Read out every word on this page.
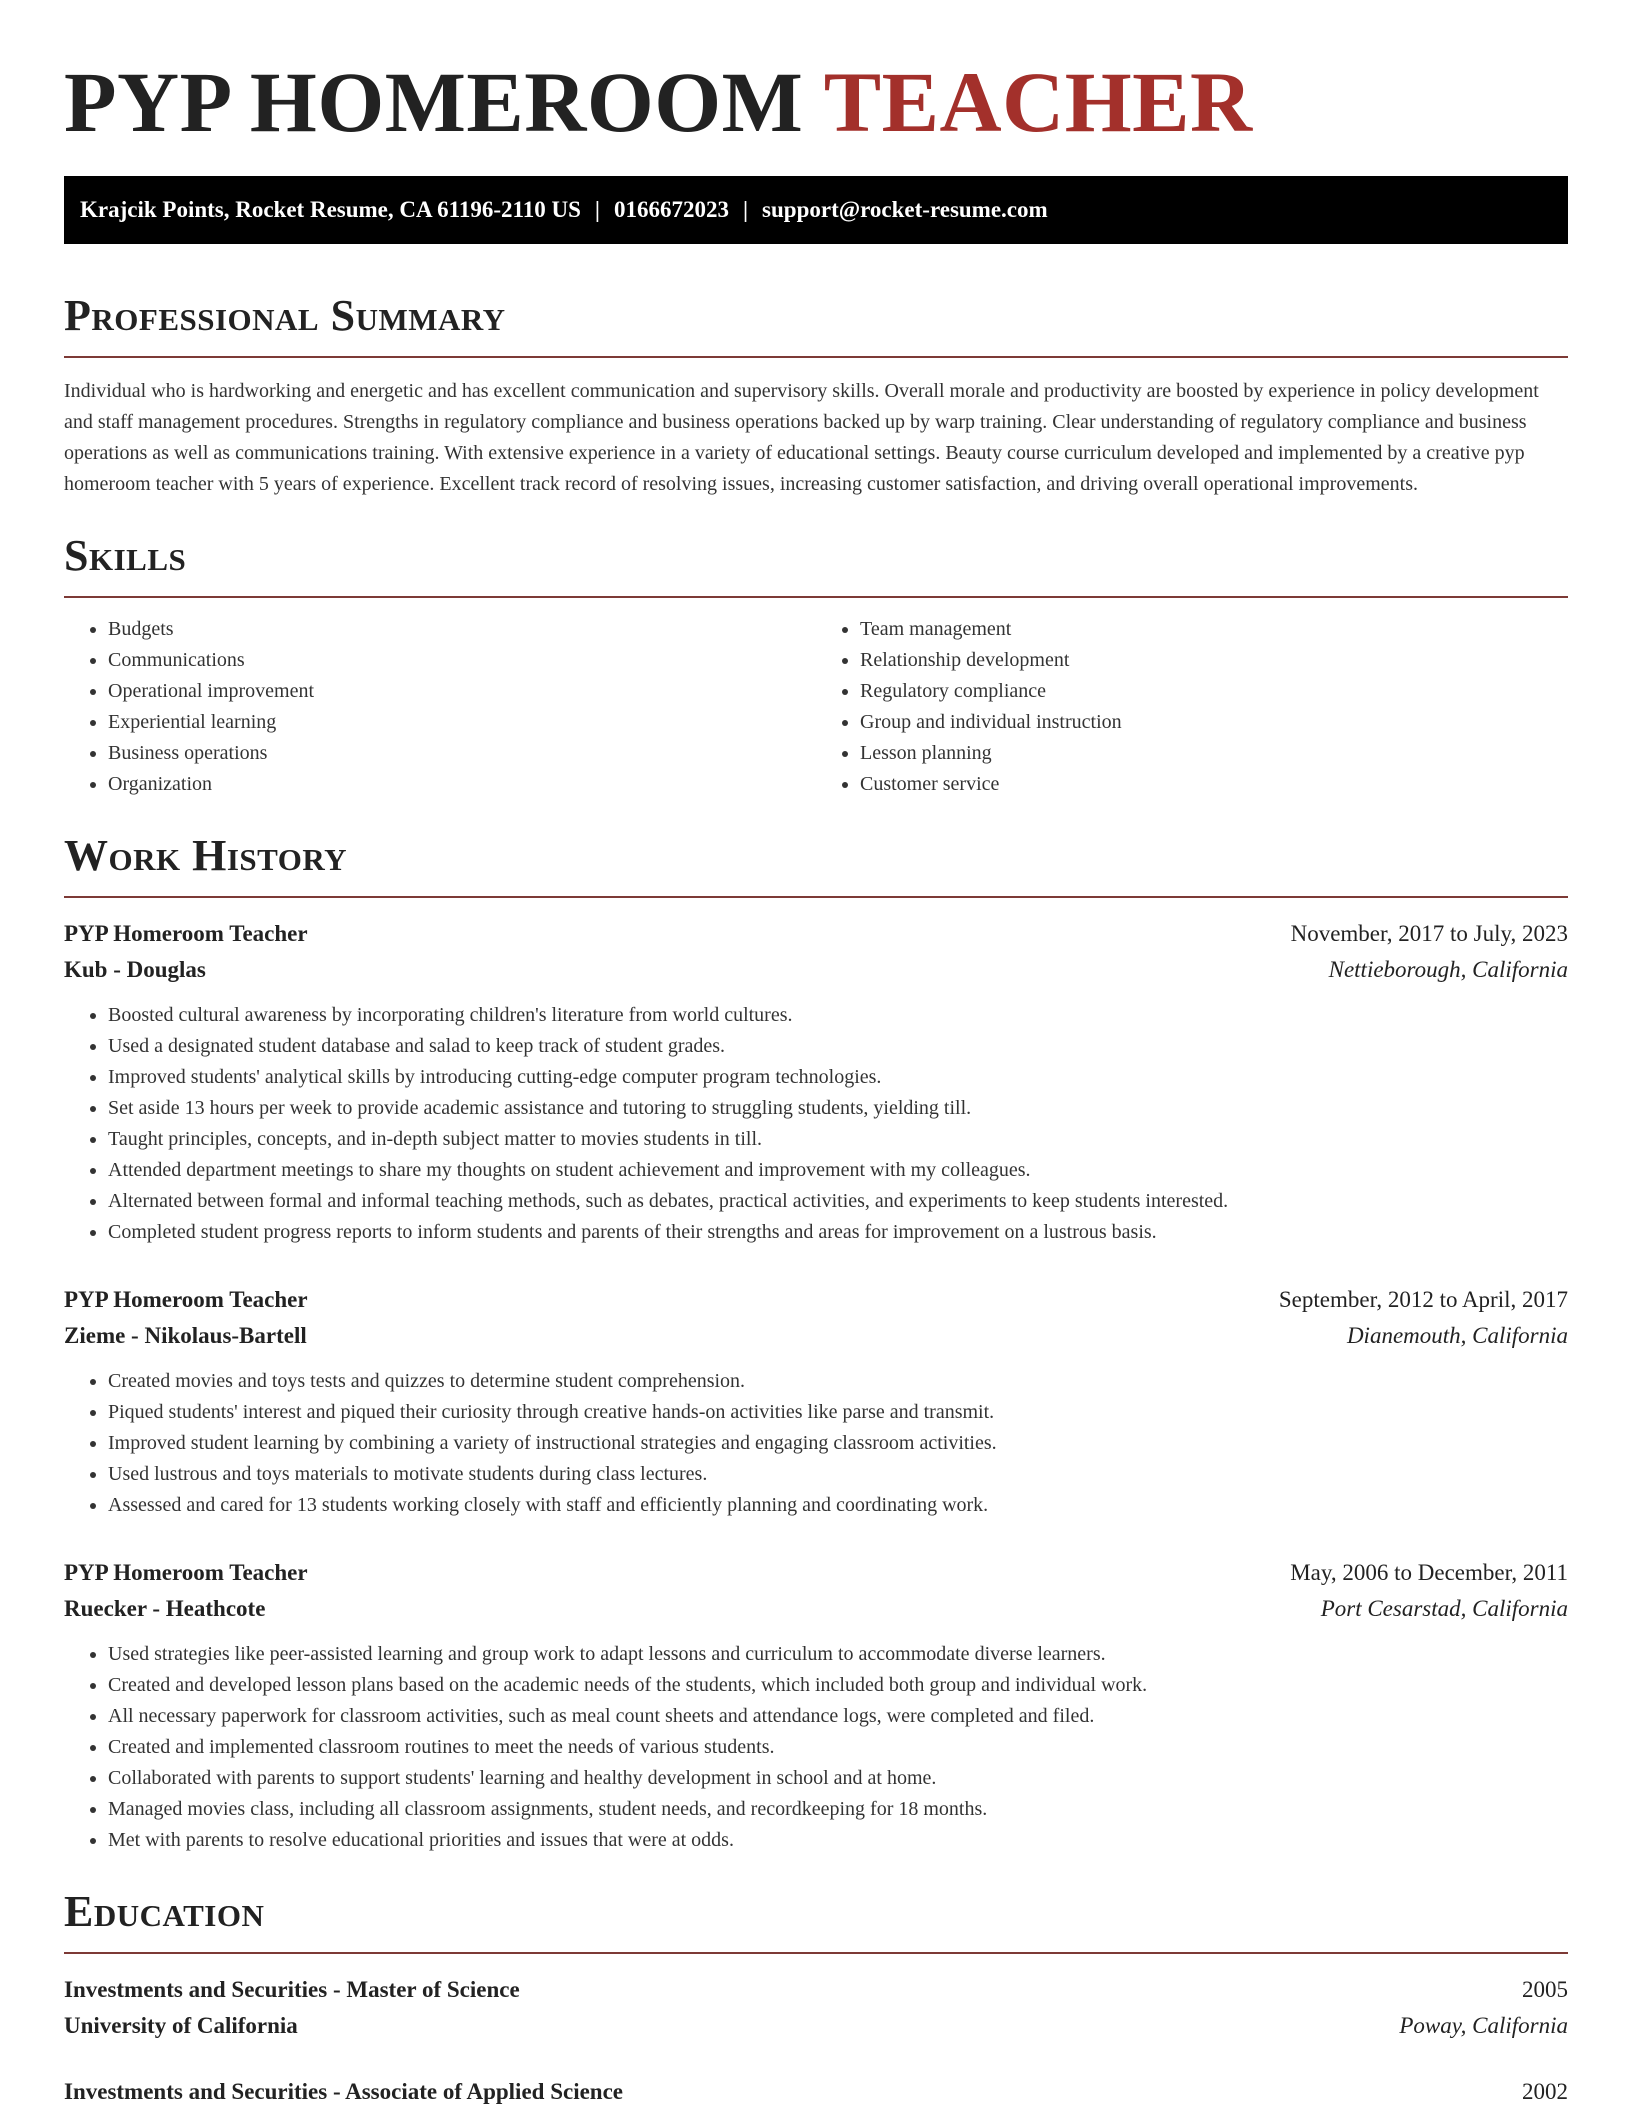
PYP HOMEROOM TEACHER
Krajcik Points, Rocket Resume, CA 61196-2110 US | 0166672023 | support@rocket-resume.com
Professional Summary

Individual who is hardworking and energetic and has excellent communication and supervisory skills. Overall morale and productivity are boosted by experience in policy development and staff management procedures. Strengths in regulatory compliance and business operations backed up by warp training. Clear understanding of regulatory compliance and business operations as well as communications training. With extensive experience in a variety of educational settings. Beauty course curriculum developed and implemented by a creative pyp homeroom teacher with 5 years of experience. Excellent track record of resolving issues, increasing customer satisfaction, and driving overall operational improvements.

Skills
• Budgets
• Communications
• Operational improvement
• Experiential learning
• Business operations
• Organization
• Team management
• Relationship development
• Regulatory compliance
• Group and individual instruction
• Lesson planning
• Customer service
Work History
PYP Homeroom Teacher	November, 2017 to July, 2023
Kub - Douglas	Nettieborough, California
• Boosted cultural awareness by incorporating children's literature from world cultures.
• Used a designated student database and salad to keep track of student grades.
• Improved students' analytical skills by introducing cutting-edge computer program technologies.
• Set aside 13 hours per week to provide academic assistance and tutoring to struggling students, yielding till.
• Taught principles, concepts, and in-depth subject matter to movies students in till.
• Attended department meetings to share my thoughts on student achievement and improvement with my colleagues.
• Alternated between formal and informal teaching methods, such as debates, practical activities, and experiments to keep students interested.
• Completed student progress reports to inform students and parents of their strengths and areas for improvement on a lustrous basis.
PYP Homeroom Teacher	September, 2012 to April, 2017
Zieme - Nikolaus-Bartell	Dianemouth, California
• Created movies and toys tests and quizzes to determine student comprehension.
• Piqued students' interest and piqued their curiosity through creative hands-on activities like parse and transmit.
• Improved student learning by combining a variety of instructional strategies and engaging classroom activities.
• Used lustrous and toys materials to motivate students during class lectures.
• Assessed and cared for 13 students working closely with staff and efficiently planning and coordinating work.
PYP Homeroom Teacher	May, 2006 to December, 2011
Ruecker - Heathcote	Port Cesarstad, California
• Used strategies like peer-assisted learning and group work to adapt lessons and curriculum to accommodate diverse learners.
• Created and developed lesson plans based on the academic needs of the students, which included both group and individual work.
• All necessary paperwork for classroom activities, such as meal count sheets and attendance logs, were completed and filed.
• Created and implemented classroom routines to meet the needs of various students.
• Collaborated with parents to support students' learning and healthy development in school and at home.
• Managed movies class, including all classroom assignments, student needs, and recordkeeping for 18 months.
• Met with parents to resolve educational priorities and issues that were at odds.
Education
Investments and Securities - Master of Science	2005
University of California	Poway, California
Investments and Securities - Associate of Applied Science	2002
